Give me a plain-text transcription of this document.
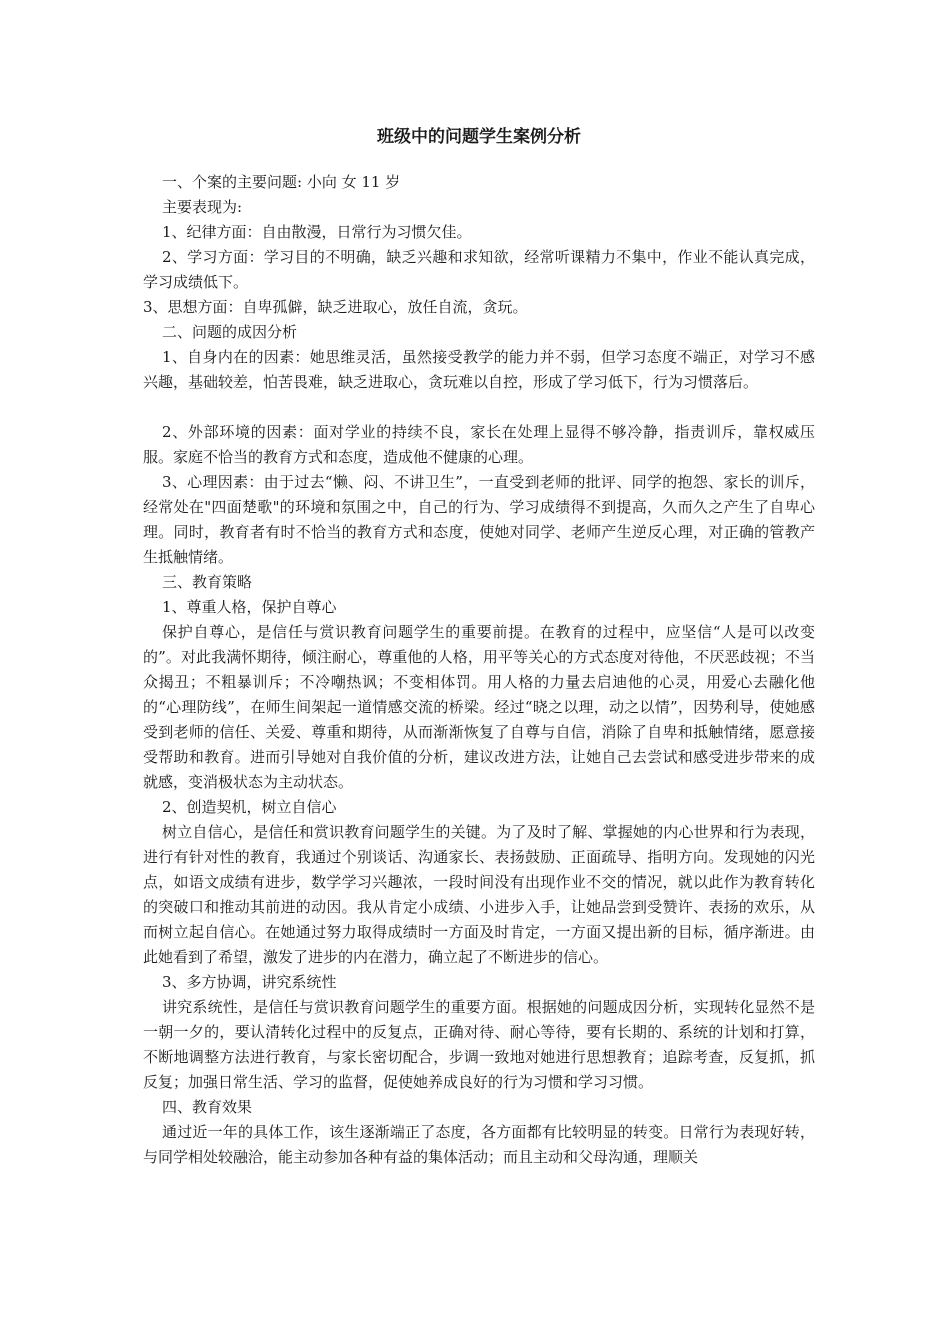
班级中的问题学生案例分析

一、个案的主要问题: 小向 女 11 岁

主要表现为:

1、纪律方面：自由散漫，日常行为习惯欠佳。

2、学习方面：学习目的不明确，缺乏兴趣和求知欲，经常听课精力不集中，作业不能认真完成，学习成绩低下。

3、思想方面：自卑孤僻，缺乏进取心，放任自流，贪玩。

二、问题的成因分析

1、自身内在的因素：她思维灵活，虽然接受教学的能力并不弱，但学习态度不端正，对学习不感兴趣，基础较差，怕苦畏难，缺乏进取心，贪玩难以自控，形成了学习低下，行为习惯落后。

2、外部环境的因素：面对学业的持续不良，家长在处理上显得不够冷静，指责训斥，靠权威压服。家庭不恰当的教育方式和态度，造成他不健康的心理。

3、心理因素：由于过去“懒、闷、不讲卫生”，一直受到老师的批评、同学的抱怨、家长的训斥，经常处在"四面楚歌"的环境和氛围之中，自己的行为、学习成绩得不到提高，久而久之产生了自卑心理。同时，教育者有时不恰当的教育方式和态度，使她对同学、老师产生逆反心理，对正确的管教产生抵触情绪。

三、教育策略

1、尊重人格，保护自尊心

保护自尊心，是信任与赏识教育问题学生的重要前提。在教育的过程中，应坚信“人是可以改变的”。对此我满怀期待，倾注耐心，尊重他的人格，用平等关心的方式态度对待他，不厌恶歧视；不当众揭丑；不粗暴训斥；不冷嘲热讽；不变相体罚。用人格的力量去启迪他的心灵，用爱心去融化他的“心理防线”，在师生间架起一道情感交流的桥梁。经过“晓之以理，动之以情”，因势利导，使她感受到老师的信任、关爱、尊重和期待，从而渐渐恢复了自尊与自信，消除了自卑和抵触情绪，愿意接受帮助和教育。进而引导她对自我价值的分析，建议改进方法，让她自己去尝试和感受进步带来的成就感，变消极状态为主动状态。

2、创造契机，树立自信心

树立自信心，是信任和赏识教育问题学生的关键。为了及时了解、掌握她的内心世界和行为表现，进行有针对性的教育，我通过个别谈话、沟通家长、表扬鼓励、正面疏导、指明方向。发现她的闪光点，如语文成绩有进步，数学学习兴趣浓，一段时间没有出现作业不交的情况，就以此作为教育转化的突破口和推动其前进的动因。我从肯定小成绩、小进步入手，让她品尝到受赞许、表扬的欢乐，从而树立起自信心。在她通过努力取得成绩时一方面及时肯定，一方面又提出新的目标，循序渐进。由此她看到了希望，激发了进步的内在潜力，确立起了不断进步的信心。

3、多方协调，讲究系统性

讲究系统性，是信任与赏识教育问题学生的重要方面。根据她的问题成因分析，实现转化显然不是一朝一夕的，要认清转化过程中的反复点，正确对待、耐心等待，要有长期的、系统的计划和打算，不断地调整方法进行教育，与家长密切配合，步调一致地对她进行思想教育；追踪考查，反复抓，抓反复；加强日常生活、学习的监督，促使她养成良好的行为习惯和学习习惯。

四、教育效果

通过近一年的具体工作，该生逐渐端正了态度，各方面都有比较明显的转变。日常行为表现好转，与同学相处较融洽，能主动参加各种有益的集体活动；而且主动和父母沟通，理顺关
